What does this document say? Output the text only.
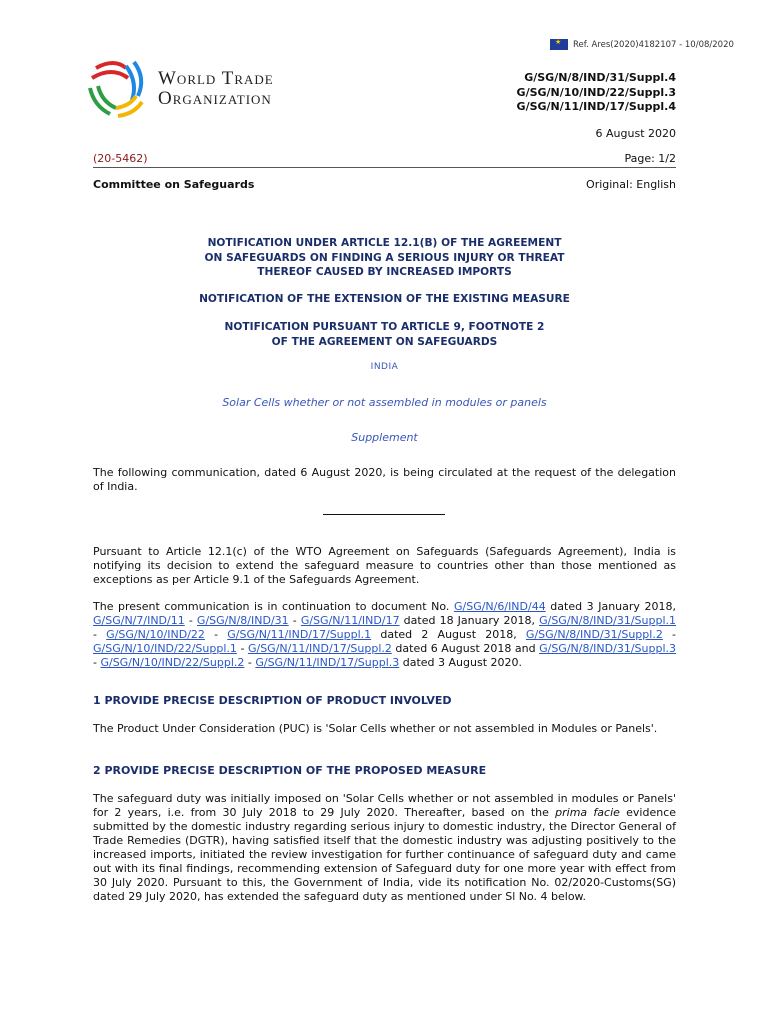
★
Ref. Ares(2020)4182107 - 10/08/2020
World Trade
Organization
G/SG/N/8/IND/31/Suppl.4
G/SG/N/10/IND/22/Suppl.3
G/SG/N/11/IND/17/Suppl.4
6 August 2020
(20-5462)	Page: 1/2
Committee on Safeguards	Original: English
NOTIFICATION UNDER ARTICLE 12.1(B) OF THE AGREEMENT
ON SAFEGUARDS ON FINDING A SERIOUS INJURY OR THREAT
THEREOF CAUSED BY INCREASED IMPORTS
NOTIFICATION OF THE EXTENSION OF THE EXISTING MEASURE
NOTIFICATION PURSUANT TO ARTICLE 9, FOOTNOTE 2
OF THE AGREEMENT ON SAFEGUARDS
INDIA
Solar Cells whether or not assembled in modules or panels
Supplement
The following communication, dated 6 August 2020, is being circulated at the request of the delegation of India.
Pursuant to Article 12.1(c) of the WTO Agreement on Safeguards (Safeguards Agreement), India is notifying its decision to extend the safeguard measure to countries other than those mentioned as exceptions as per Article 9.1 of the Safeguards Agreement.
The present communication is in continuation to document No. G/SG/N/6/IND/44 dated 3 January 2018, G/SG/N/7/IND/11 - G/SG/N/8/IND/31 - G/SG/N/11/IND/17 dated 18 January 2018, G/SG/N/8/IND/31/Suppl.1 - G/SG/N/10/IND/22 - G/SG/N/11/IND/17/Suppl.1 dated 2 August 2018, G/SG/N/8/IND/31/Suppl.2 - G/SG/N/10/IND/22/Suppl.1 - G/SG/N/11/IND/17/Suppl.2 dated 6 August 2018 and G/SG/N/8/IND/31/Suppl.3 - G/SG/N/10/IND/22/Suppl.2 - G/SG/N/11/IND/17/Suppl.3 dated 3 August 2020.
1 PROVIDE PRECISE DESCRIPTION OF PRODUCT INVOLVED
The Product Under Consideration (PUC) is 'Solar Cells whether or not assembled in Modules or Panels'.
2 PROVIDE PRECISE DESCRIPTION OF THE PROPOSED MEASURE
The safeguard duty was initially imposed on 'Solar Cells whether or not assembled in modules or Panels' for 2 years, i.e. from 30 July 2018 to 29 July 2020. Thereafter, based on the prima facie evidence submitted by the domestic industry regarding serious injury to domestic industry, the Director General of Trade Remedies (DGTR), having satisfied itself that the domestic industry was adjusting positively to the increased imports, initiated the review investigation for further continuance of safeguard duty and came out with its final findings, recommending extension of Safeguard duty for one more year with effect from 30 July 2020. Pursuant to this, the Government of India, vide its notification No. 02/2020-Customs(SG) dated 29 July 2020, has extended the safeguard duty as mentioned under Sl No. 4 below.
